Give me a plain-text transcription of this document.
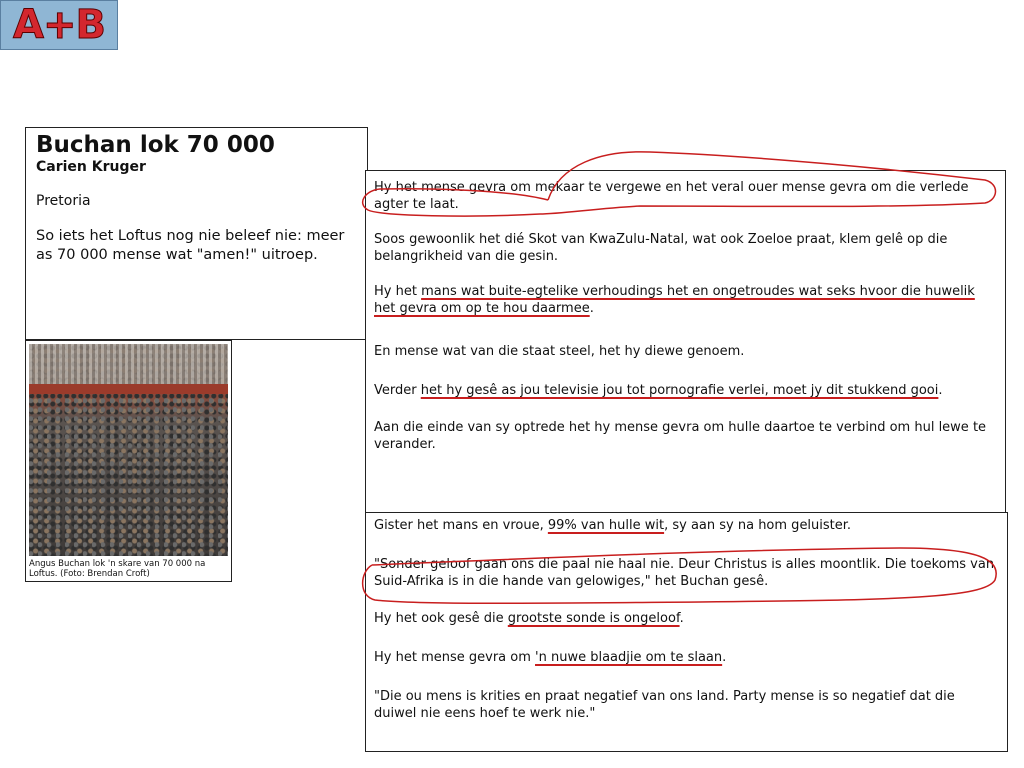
A+B

Buchan lok 70 000

Carien Kruger

Pretoria

So iets het Loftus nog nie beleef nie: meer as 70 000 mense wat "amen!" uitroep.

Angus Buchan lok 'n skare van 70 000 na Loftus. (Foto: Brendan Croft)

Hy het mense gevra om mekaar te vergewe en het veral ouer mense gevra om die verlede agter te laat.

Soos gewoonlik het dié Skot van KwaZulu-Natal, wat ook Zoeloe praat, klem gelê op die belangrikheid van die gesin.

Hy het mans wat buite-egtelike verhoudings het en ongetroudes wat seks hvoor die huwelik het gevra om op te hou daarmee.

En mense wat van die staat steel, het hy diewe genoem.

Verder het hy gesê as jou televisie jou tot pornografie verlei, moet jy dit stukkend gooi.

Aan die einde van sy optrede het hy mense gevra om hulle daartoe te verbind om hul lewe te verander.

Gister het mans en vroue, 99% van hulle wit, sy aan sy na hom geluister.

"Sonder geloof gaan ons die paal nie haal nie. Deur Christus is alles moontlik. Die toekoms van Suid-Afrika is in die hande van gelowiges," het Buchan gesê.

Hy het ook gesê die grootste sonde is ongeloof.

Hy het mense gevra om 'n nuwe blaadjie om te slaan.

"Die ou mens is krities en praat negatief van ons land. Party mense is so negatief dat die duiwel nie eens hoef te werk nie."
